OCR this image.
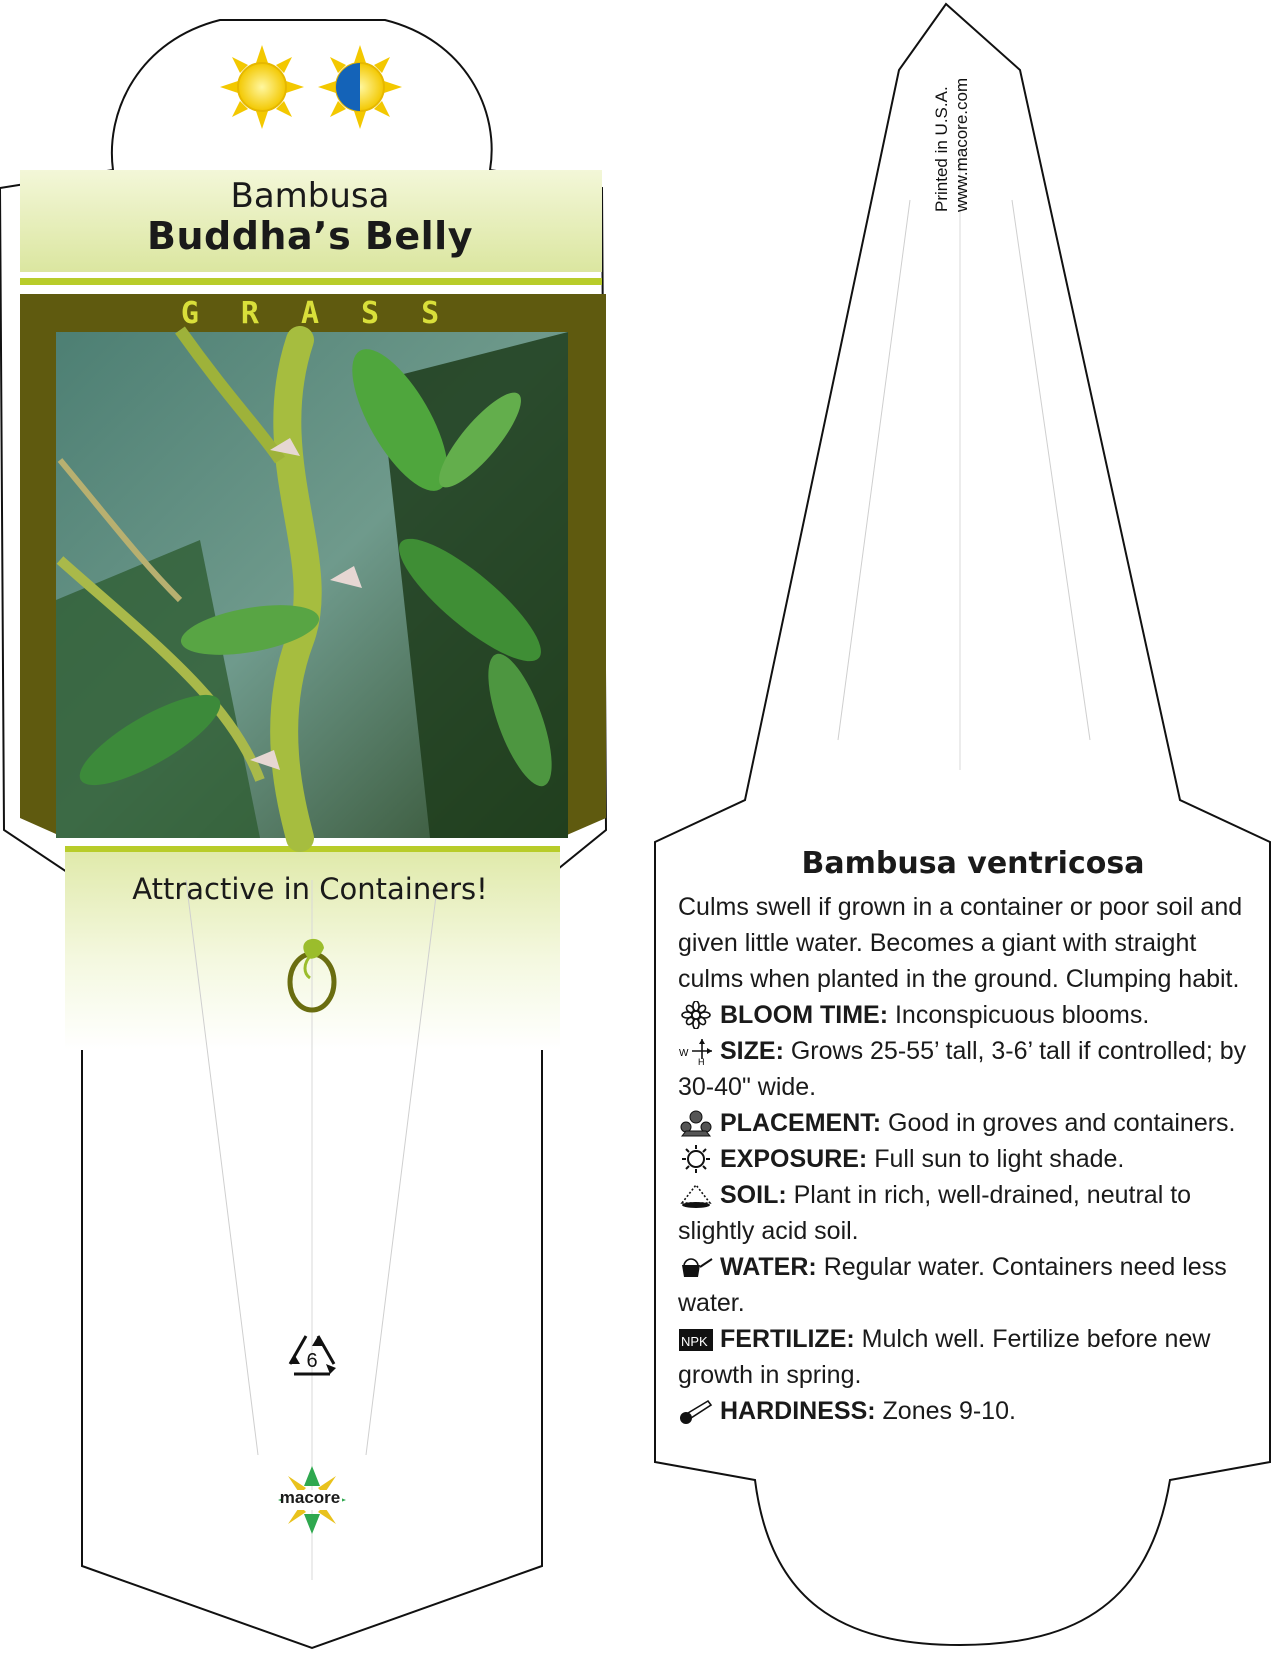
Bambusa
Buddha’s Belly
GRASS
Attractive in Containers!
6
macore
Printed in U.S.A. www.macore.com
Bambusa ventricosa

Culms swell if grown in a container or poor soil and given little water. Becomes a giant with straight culms when planted in the ground. Clumping habit.

BLOOM TIME: Inconspicuous blooms.
W
H SIZE: Grows 25-55’ tall, 3-6’ tall if controlled; by 30-40" wide.
PLACEMENT: Good in groves and containers.
EXPOSURE: Full sun to light shade.
SOIL: Plant in rich, well-drained, neutral to slightly acid soil.
WATER: Regular water. Containers need less water.
NPK FERTILIZE: Mulch well. Fertilize before new growth in spring.
HARDINESS: Zones 9-10.
